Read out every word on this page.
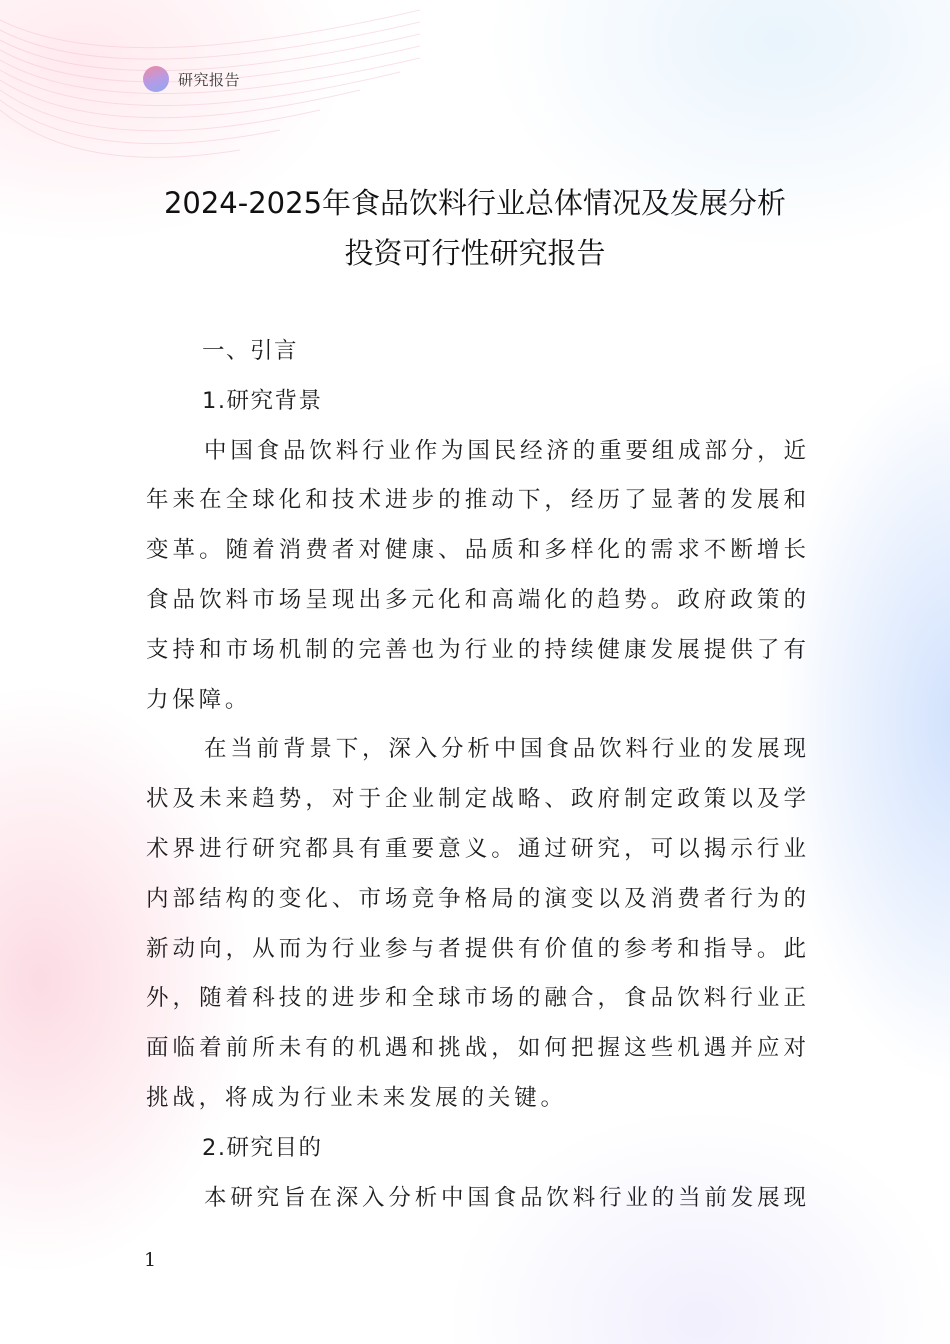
研究报告
2024-2025年食品饮料行业总体情况及发展分析
投资可行性研究报告
一、引言
1.研究背景
中国食品饮料行业作为国民经济的重要组成部分，近
年来在全球化和技术进步的推动下，经历了显著的发展和
变革。随着消费者对健康、品质和多样化的需求不断增长
食品饮料市场呈现出多元化和高端化的趋势。政府政策的
支持和市场机制的完善也为行业的持续健康发展提供了有
力保障。
在当前背景下，深入分析中国食品饮料行业的发展现
状及未来趋势，对于企业制定战略、政府制定政策以及学
术界进行研究都具有重要意义。通过研究，可以揭示行业
内部结构的变化、市场竞争格局的演变以及消费者行为的
新动向，从而为行业参与者提供有价值的参考和指导。此
外，随着科技的进步和全球市场的融合，食品饮料行业正
面临着前所未有的机遇和挑战，如何把握这些机遇并应对
挑战，将成为行业未来发展的关键。
2.研究目的
本研究旨在深入分析中国食品饮料行业的当前发展现
1
